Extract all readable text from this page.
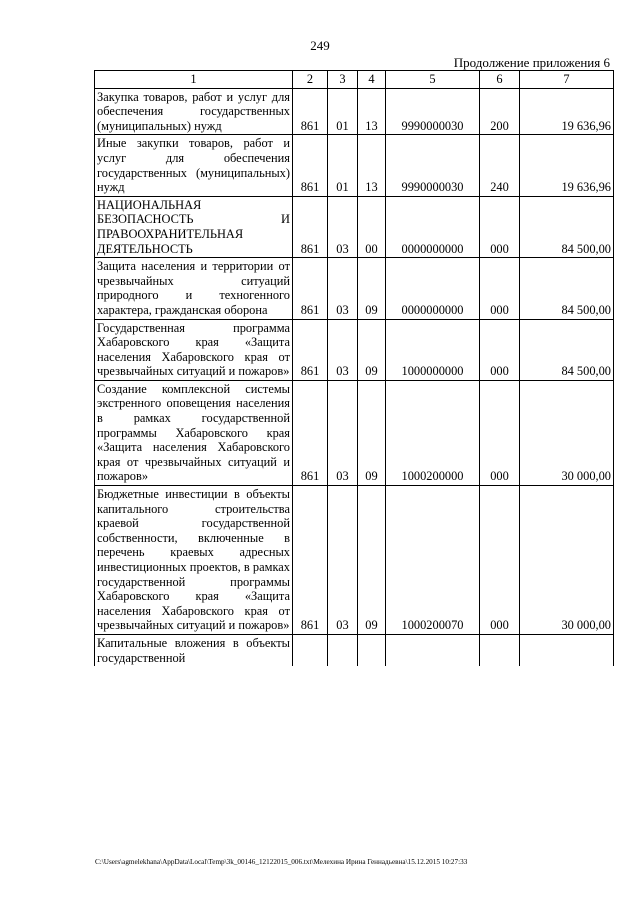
249
Продолжение приложения 6
1	2	3	4	5	6	7
Закупка товаров, работ и услуг для обеспечения государственных (муниципальных) нужд	861	01	13	9990000030	200	19 636,96
Иные закупки товаров, работ и услуг для обеспечения государственных (муниципальных) нужд	861	01	13	9990000030	240	19 636,96
НАЦИОНАЛЬНАЯ БЕЗОПАСНОСТЬ И ПРАВООХРАНИТЕЛЬНАЯ ДЕЯТЕЛЬНОСТЬ	861	03	00	0000000000	000	84 500,00
Защита населения и территории от чрезвычайных ситуаций природного и техногенного характера, гражданская оборона	861	03	09	0000000000	000	84 500,00
Государственная программа Хабаровского края «Защита населения Хабаровского края от чрезвычайных ситуаций и пожаров»	861	03	09	1000000000	000	84 500,00
Создание комплексной системы экстренного оповещения населения в рамках государственной программы Хабаровского края «Защита населения Хабаровского края от чрезвычайных ситуаций и пожаров»	861	03	09	1000200000	000	30 000,00
Бюджетные инвестиции в объекты капитального строительства краевой государственной собственности, включенные в перечень краевых адресных инвестиционных проектов, в рамках государственной программы Хабаровского края «Защита населения Хабаровского края от чрезвычайных ситуаций и пожаров»	861	03	09	1000200070	000	30 000,00
Капитальные вложения в объекты государственной						
C:\Users\agmelekhana\AppData\Local\Temp\3k_00146_12122015_006.txt\Мелехина Ирина Геннадьевна\15.12.2015 10:27:33
